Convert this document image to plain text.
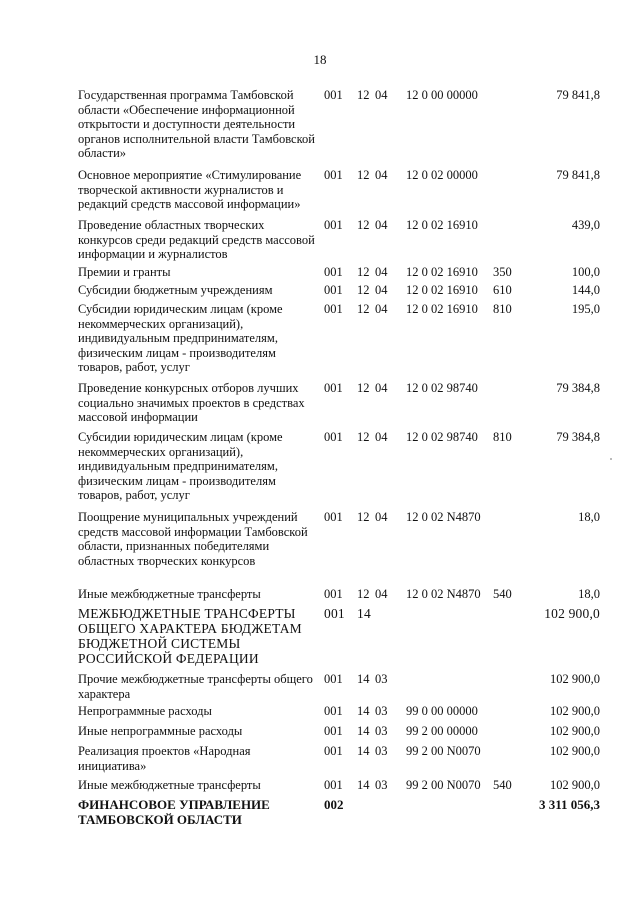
18
Государственная программа Тамбовской области «Обеспечение информационной открытости и доступности деятельности органов исполнительной власти Тамбовской области»
001 12 04 12 0 00 00000	79 841,8
Основное мероприятие «Стимулирование творческой активности журналистов и редакций средств массовой информации»
001 12 04 12 0 02 00000	79 841,8
Проведение областных творческих конкурсов среди редакций средств массовой информации и журналистов
001 12 04 12 0 02 16910	439,0
Премии и гранты	001 12 04 12 0 02 16910 350	100,0
Субсидии бюджетным учреждениям	001 12 04 12 0 02 16910 610	144,0
Субсидии юридическим лицам (кроме некоммерческих организаций), индивидуальным предпринимателям, физическим лицам - производителям товаров, работ, услуг
001 12 04 12 0 02 16910 810	195,0
Проведение конкурсных отборов лучших социально значимых проектов в средствах массовой информации
001 12 04 12 0 02 98740	79 384,8
Субсидии юридическим лицам (кроме некоммерческих организаций), индивидуальным предпринимателям, физическим лицам - производителям товаров, работ, услуг
001 12 04 12 0 02 98740 810	79 384,8
Поощрение муниципальных учреждений средств массовой информации Тамбовской области, признанных победителями областных творческих конкурсов
001 12 04 12 0 02 N4870	18,0
Иные межбюджетные трансферты	001 12 04 12 0 02 N4870 540	18,0
МЕЖБЮДЖЕТНЫЕ ТРАНСФЕРТЫ ОБЩЕГО ХАРАКТЕРА БЮДЖЕТАМ БЮДЖЕТНОЙ СИСТЕМЫ РОССИЙСКОЙ ФЕДЕРАЦИИ
001 14	102 900,0
Прочие межбюджетные трансферты общего характера
001 14 03	102 900,0
Непрограммные расходы	001 14 03 99 0 00 00000	102 900,0
Иные непрограммные расходы	001 14 03 99 2 00 00000	102 900,0
Реализация проектов «Народная инициатива»
001 14 03 99 2 00 N0070	102 900,0
Иные межбюджетные трансферты	001 14 03 99 2 00 N0070 540	102 900,0
ФИНАНСОВОЕ УПРАВЛЕНИЕ ТАМБОВСКОЙ ОБЛАСТИ
002	3 311 056,3
